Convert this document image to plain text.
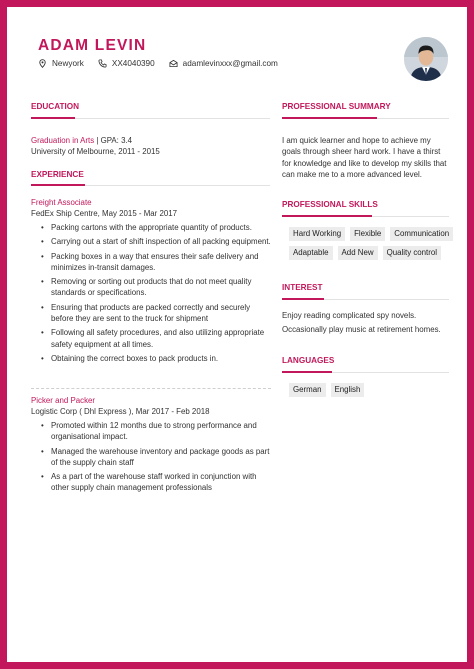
ADAM LEVIN
Newyork	XX4040390	adamlevinxxx@gmail.com
EDUCATION
Graduation in Arts | GPA: 3.4
University of Melbourne, 2011 - 2015
EXPERIENCE
Freight Associate
FedEx Ship Centre, May 2015 - Mar 2017
• Packing cartons with the appropriate quantity of products.
• Carrying out a start of shift inspection of all packing equipment.
• Packing boxes in a way that ensures their safe delivery and minimizes in-transit damages.
• Removing or sorting out products that do not meet quality standards or specifications.
• Ensuring that products are packed correctly and securely before they are sent to the truck for shipment
• Following all safety procedures, and also utilizing appropriate safety equipment at all times.
• Obtaining the correct boxes to pack products in.
Picker and Packer
Logistic Corp ( Dhl Express ), Mar 2017 - Feb 2018
• Promoted within 12 months due to strong performance and organisational impact.
• Managed the warehouse inventory and package goods as part of the supply chain staff
• As a part of the warehouse staff worked in conjunction with other supply chain management professionals
PROFESSIONAL SUMMARY
I am quick learner and hope to achieve my goals through sheer hard work. I have a thirst for knowledge and like to develop my skills that can make me to a more advanced level.
PROFESSIONAL SKILLS
Hard Working	Flexible	Communication
Adaptable	Add New	Quality control
INTEREST
Enjoy reading complicated spy novels.
Occasionally play music at retirement homes.
LANGUAGES
German	English
